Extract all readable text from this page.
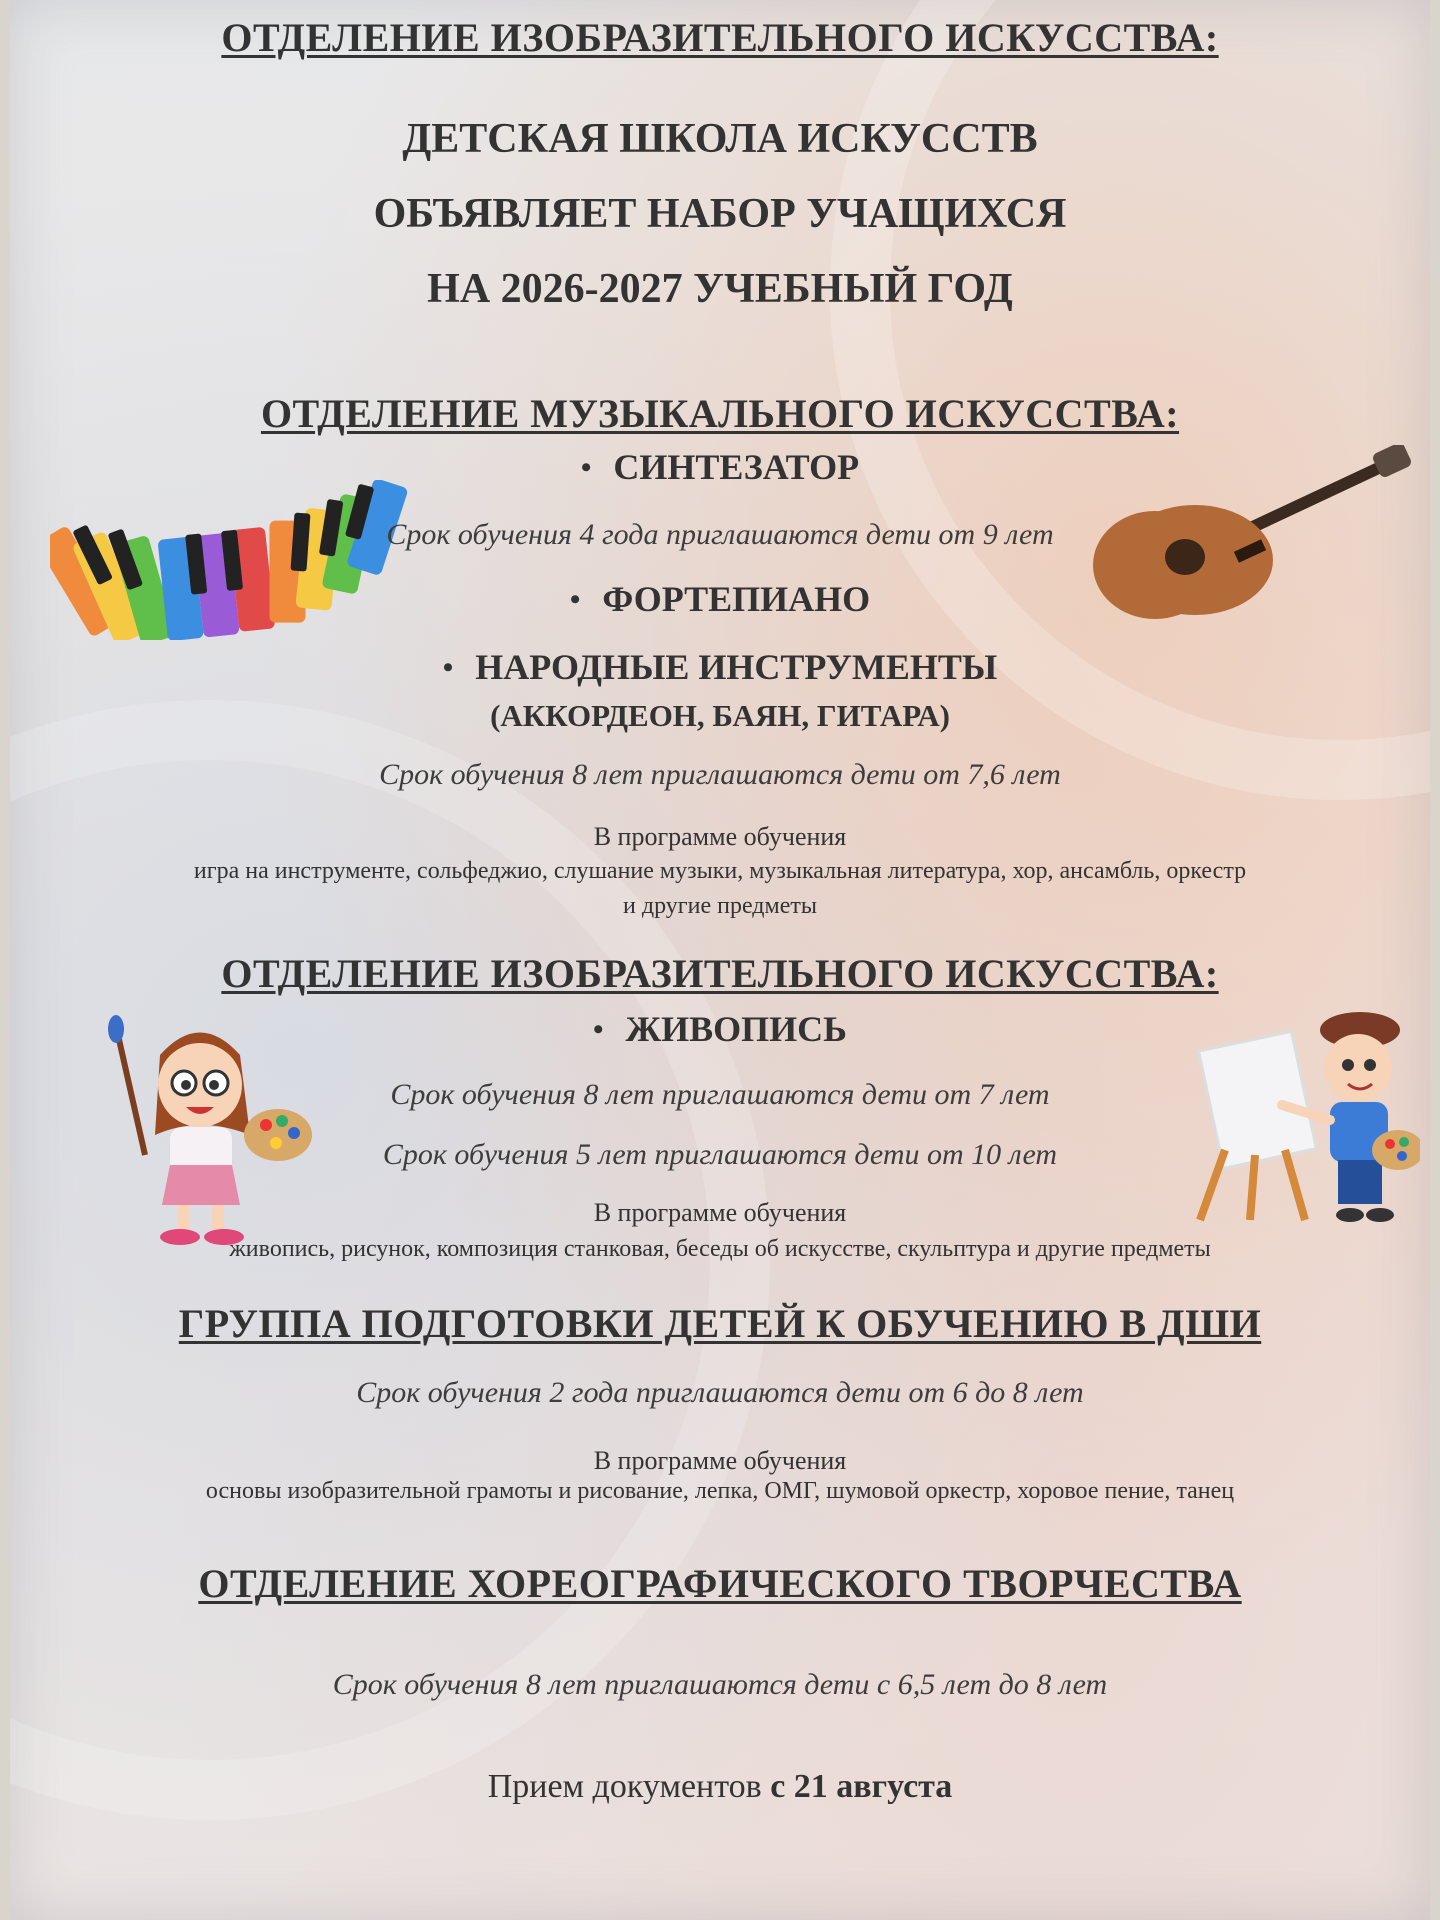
ОТДЕЛЕНИЕ ИЗОБРАЗИТЕЛЬНОГО ИСКУССТВА:
ДЕТСКАЯ ШКОЛА ИСКУССТВ
ОБЪЯВЛЯЕТ НАБОР УЧАЩИХСЯ
НА 2026-2027 УЧЕБНЫЙ ГОД
ОТДЕЛЕНИЕ МУЗЫКАЛЬНОГО ИСКУССТВА:
• СИНТЕЗАТОР
Срок обучения 4 года приглашаются дети от 9 лет
• ФОРТЕПИАНО
• НАРОДНЫЕ ИНСТРУМЕНТЫ
(АККОРДЕОН, БАЯН, ГИТАРА)
Срок обучения 8 лет приглашаются дети от 7,6 лет
В программе обучения
игра на инструменте, сольфеджио, слушание музыки, музыкальная литература, хор, ансамбль, оркестр
и другие предметы
ОТДЕЛЕНИЕ ИЗОБРАЗИТЕЛЬНОГО ИСКУССТВА:
• ЖИВОПИСЬ
Срок обучения 8 лет приглашаются дети от 7 лет
Срок обучения 5 лет приглашаются дети от 10 лет
В программе обучения
живопись, рисунок, композиция станковая, беседы об искусстве, скульптура и другие предметы
ГРУППА ПОДГОТОВКИ ДЕТЕЙ К ОБУЧЕНИЮ В ДШИ
Срок обучения 2 года приглашаются дети от 6 до 8 лет
В программе обучения
основы изобразительной грамоты и рисование, лепка, ОМГ, шумовой оркестр, хоровое пение, танец
ОТДЕЛЕНИЕ ХОРЕОГРАФИЧЕСКОГО ТВОРЧЕСТВА
Срок обучения 8 лет приглашаются дети с 6,5 лет до 8 лет
Прием документов с 21 августа
